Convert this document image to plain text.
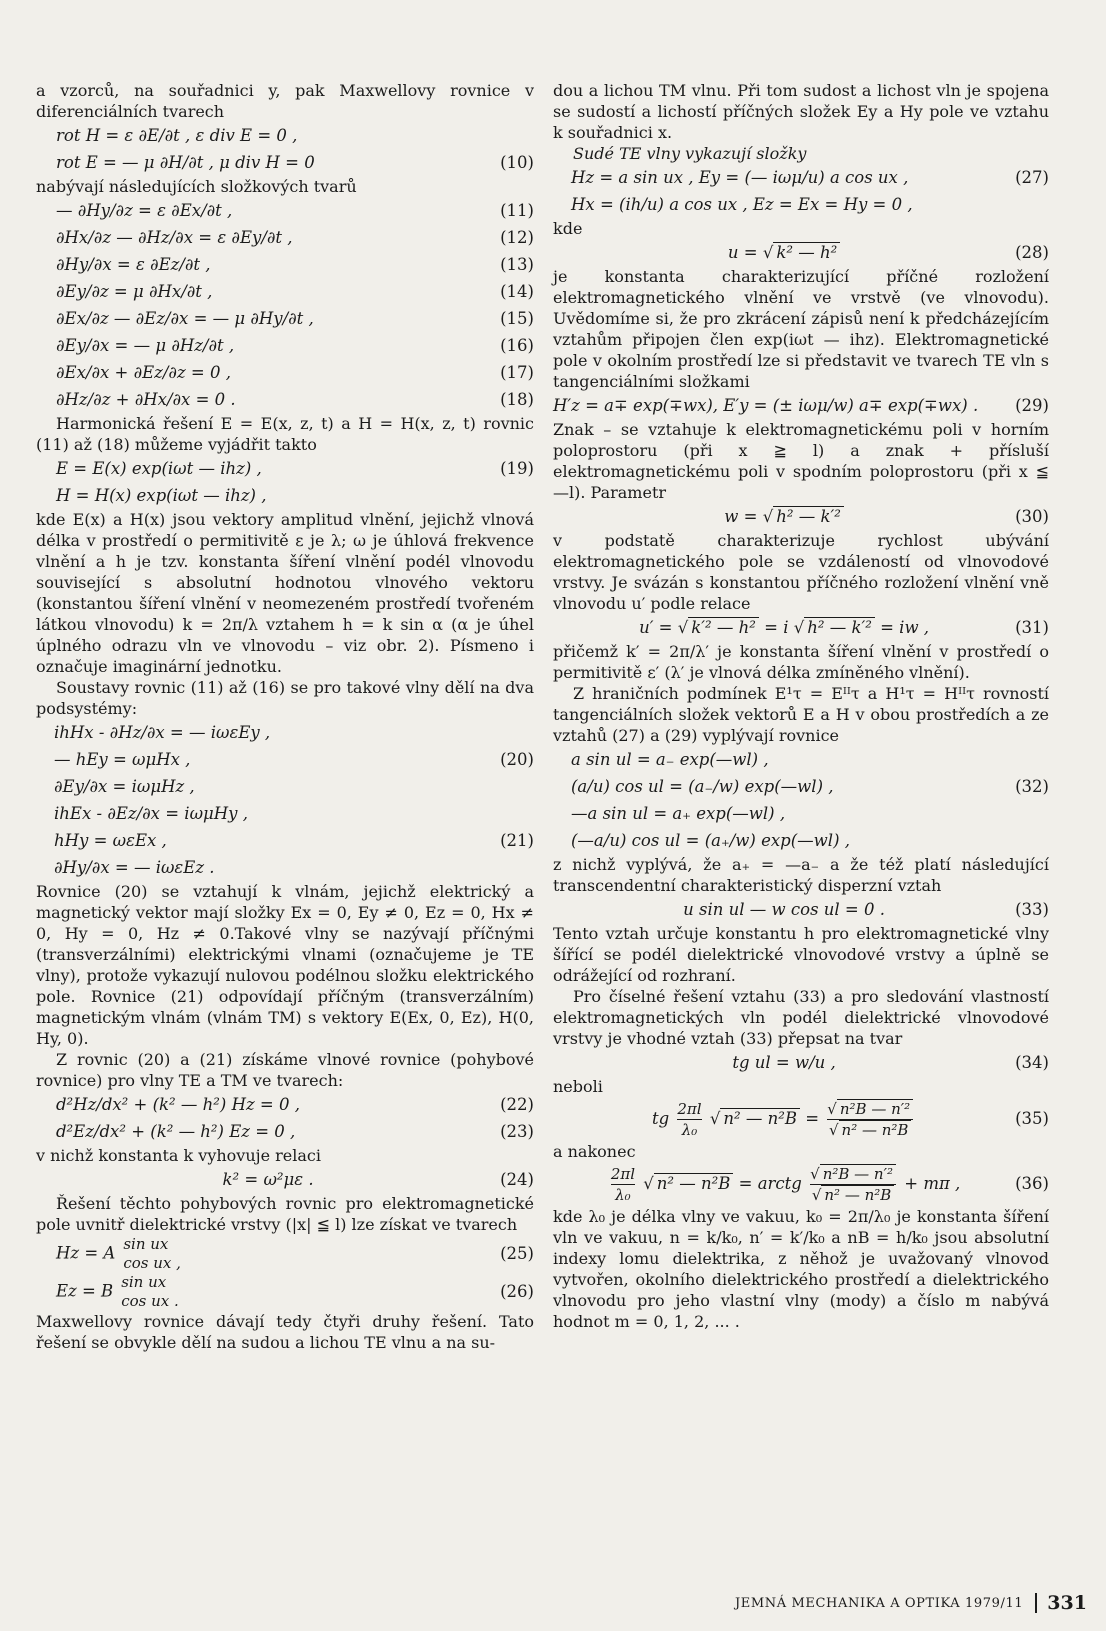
a vzorců, na souřadnici y, pak Maxwellovy rovnice v diferenciálních tvarech

rot H = ε ∂E/∂t , ε div E = 0 ,
rot E = — μ ∂H/∂t , μ div H = 0	(10)

nabývají následujících složkových tvarů

— ∂Hy/∂z = ε ∂Ex/∂t ,	(11)
∂Hx/∂z — ∂Hz/∂x = ε ∂Ey/∂t ,	(12)
∂Hy/∂x = ε ∂Ez/∂t ,	(13)
∂Ey/∂z = μ ∂Hx/∂t ,	(14)
∂Ex/∂z — ∂Ez/∂x = — μ ∂Hy/∂t ,	(15)
∂Ey/∂x = — μ ∂Hz/∂t ,	(16)
∂Ex/∂x + ∂Ez/∂z = 0 ,	(17)
∂Hz/∂z + ∂Hx/∂x = 0 .	(18)

Harmonická řešení E = E(x, z, t) a H = H(x, z, t) rovnic (11) až (18) můžeme vyjádřit takto

E = E(x) exp(iωt — ihz) ,	(19)
H = H(x) exp(iωt — ihz) ,

kde E(x) a H(x) jsou vektory amplitud vlnění, jejichž vlnová délka v prostředí o permitivitě ε je λ; ω je úhlová frekvence vlnění a h je tzv. konstanta šíření vlnění podél vlnovodu související s absolutní hodnotou vlnového vektoru (konstantou šíření vlnění v neomezeném prostředí tvořeném látkou vlnovodu) k = 2π/λ vztahem h = k sin α (α je úhel úplného odrazu vln ve vlnovodu – viz obr. 2). Písmeno i označuje imaginární jednotku.

Soustavy rovnic (11) až (16) se pro takové vlny dělí na dva podsystémy:

ihHx - ∂Hz/∂x = — iωεEy ,
— hEy = ωμHx ,	(20)
∂Ey/∂x = iωμHz ,
ihEx - ∂Ez/∂x = iωμHy ,
hHy = ωεEx ,	(21)
∂Hy/∂x = — iωεEz .

Rovnice (20) se vztahují k vlnám, jejichž elektrický a magnetický vektor mají složky Ex = 0, Ey ≠ 0, Ez = 0, Hx ≠ 0, Hy = 0, Hz ≠ 0.Takové vlny se nazývají příčnými (transverzálními) elektrickými vlnami (označujeme je TE vlny), protože vykazují nulovou podélnou složku elektrického pole. Rovnice (21) odpovídají příčným (transverzálním) magnetickým vlnám (vlnám TM) s vektory E(Ex, 0, Ez), H(0, Hy, 0).

Z rovnic (20) a (21) získáme vlnové rovnice (pohybové rovnice) pro vlny TE a TM ve tvarech:

d²Hz/dx² + (k² — h²) Hz = 0 ,	(22)
d²Ez/dx² + (k² — h²) Ez = 0 ,	(23)

v nichž konstanta k vyhovuje relaci

k² = ω²με .	(24)

Řešení těchto pohybových rovnic pro elektromagnetické pole uvnitř dielektrické vrstvy (|x| ≦ l) lze získat ve tvarech

Hz = A sin ux
cos ux ,	(25)
Ez = B sin ux
cos ux .	(26)

Maxwellovy rovnice dávají tedy čtyři druhy řešení. Tato řešení se obvykle dělí na sudou a lichou TE vlnu a na su-

dou a lichou TM vlnu. Při tom sudost a lichost vln je spojena se sudostí a lichostí příčných složek Ey a Hy pole ve vztahu k souřadnici x.

Sudé TE vlny vykazují složky

Hz = a sin ux , Ey = (— iωμ/u) a cos ux ,	(27)
Hx = (ih/u) a cos ux , Ez = Ex = Hy = 0 ,

kde

u = √ k² — h²	(28)

je konstanta charakterizující příčné rozložení elektromagnetického vlnění ve vrstvě (ve vlnovodu). Uvědomíme si, že pro zkrácení zápisů není k předcházejícím vztahům připojen člen exp(iωt — ihz). Elektromagnetické pole v okolním prostředí lze si představit ve tvarech TE vln s tangenciálními složkami

H′z = a∓ exp(∓wx), E′y = (± iωμ/w) a∓ exp(∓wx) .	(29)

Znak – se vztahuje k elektromagnetickému poli v horním poloprostoru (při x ≧ l) a znak + přísluší elektromagnetickému poli v spodním poloprostoru (při x ≦ —l). Parametr

w = √ h² — k′²	(30)

v podstatě charakterizuje rychlost ubývání elektromagnetického pole se vzdáleností od vlnovodové vrstvy. Je svázán s konstantou příčného rozložení vlnění vně vlnovodu u′ podle relace

u′ = √ k′² — h² = i √ h² — k′² = iw ,	(31)

přičemž k′ = 2π/λ′ je konstanta šíření vlnění v prostředí o permitivitě ε′ (λ′ je vlnová délka zmíněného vlnění).

Z hraničních podmínek E¹τ = Eᴵᴵτ a H¹τ = Hᴵᴵτ rovností tangenciálních složek vektorů E a H v obou prostředích a ze vztahů (27) a (29) vyplývají rovnice

a sin ul = a₋ exp(—wl) ,
(a/u) cos ul = (a₋/w) exp(—wl) ,	(32)
—a sin ul = a₊ exp(—wl) ,
(—a/u) cos ul = (a₊/w) exp(—wl) ,

z nichž vyplývá, že a₊ = —a₋ a že též platí následující transcendentní charakteristický disperzní vztah

u sin ul — w cos ul = 0 .	(33)

Tento vztah určuje konstantu h pro elektromagnetické vlny šířící se podél dielektrické vlnovodové vrstvy a úplně se odrážející od rozhraní.

Pro číselné řešení vztahu (33) a pro sledování vlastností elektromagnetických vln podél dielektrické vlnovodové vrstvy je vhodné vztah (33) přepsat na tvar

tg ul = w/u ,	(34)

neboli

tg $\frac{2\pi l}{\text{λ₀}}$ √ n² — $n^2B = \frac{\text{√ n²B — n′²}}{\text{√ n² — n²B}}$	(35)

a nakonec

$\frac{2\pi l}{\text{λ₀}}$ √ n² — n²B = arctg $\frac{\text{√ n²B — n′²}}{\text{√ n² — n²B}} + m\pi$ ,	(36)

kde λ₀ je délka vlny ve vakuu, k₀ = 2π/λ₀ je konstanta šíření vln ve vakuu, n = k/k₀, n′ = k′/k₀ a nB = h/k₀ jsou absolutní indexy lomu dielektrika, z něhož je uvažovaný vlnovod vytvořen, okolního dielektrického prostředí a dielektrického vlnovodu pro jeho vlastní vlny (mody) a číslo m nabývá hodnot m = 0, 1, 2, ... .

JEMNÁ MECHANIKA A OPTIKA 1979/11 331
